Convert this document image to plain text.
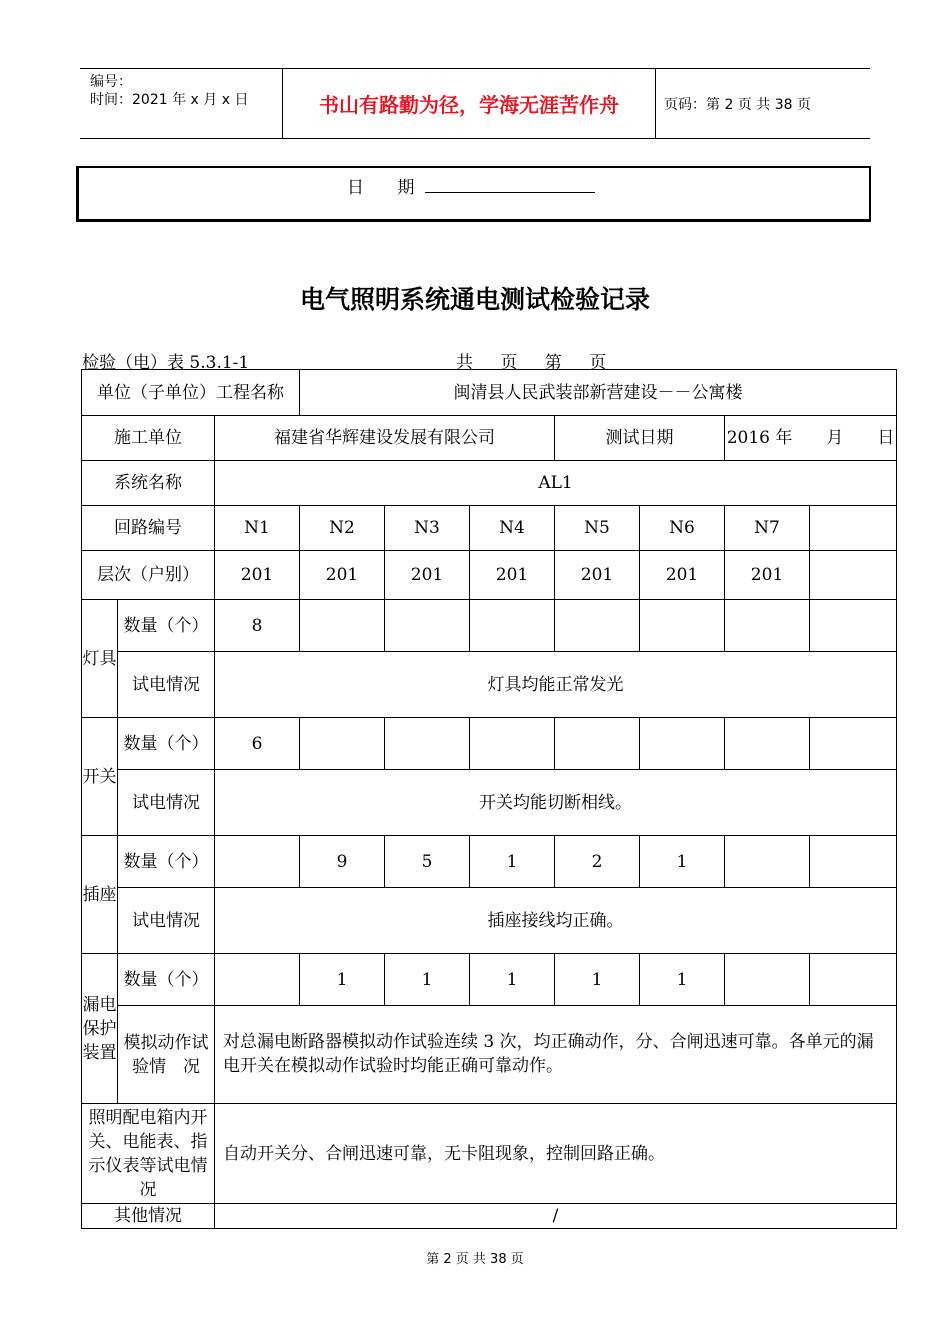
编号：
时间：2021 年 x 月 x 日	书山有路勤为径，学海无涯苦作舟	页码：第 2 页 共 38 页
日 期
电气照明系统通电测试检验记录
检验（电）表 5.3.1-1	共 页 第 页
单位（子单位）工程名称			闽清县人民武装部新营建设－－公寓楼						
施工单位		福建省华辉建设发展有限公司				测试日期		2016 年　　月　　日	
系统名称		AL1							
回路编号		N1	N2	N3	N4	N5	N6	N7	
层次（户别）		201	201	201	201	201	201	201	
灯具	数量（个）	8							
	试电情况	灯具均能正常发光							
开关	数量（个）	6							
	试电情况	开关均能切断相线。							
插座	数量（个）		9	5	1	2	1		
	试电情况	插座接线均正确。							
漏电保护装置	数量（个）		1	1	1	1	1		
	模拟动作试验情　况	对总漏电断路器模拟动作试验连续 3 次，均正确动作，分、合闸迅速可靠。各单元的漏电开关在模拟动作试验时均能正确可靠动作。							
照明配电箱内开关、电能表、指示仪表等试电情况		自动开关分、合闸迅速可靠，无卡阻现象，控制回路正确。							
其他情况		/							
第 2 页 共 38 页
